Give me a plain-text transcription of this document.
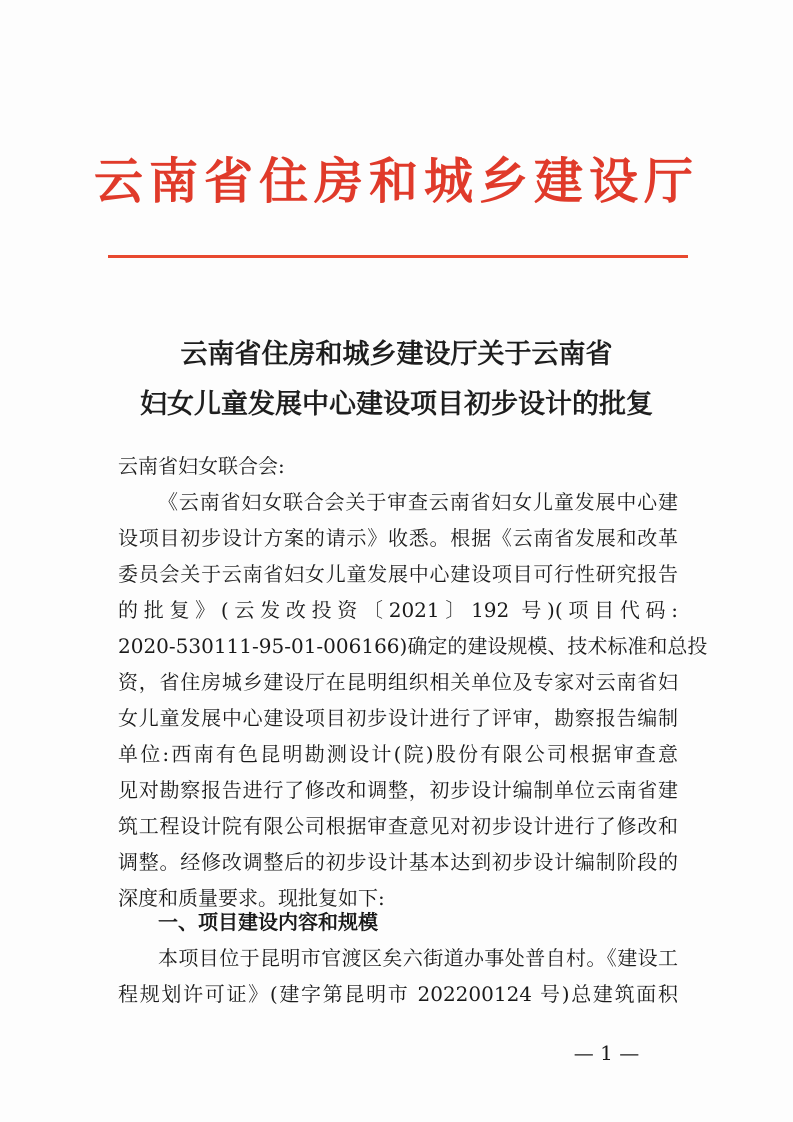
云南省住房和城乡建设厅
云南省住房和城乡建设厅关于云南省
妇女儿童发展中心建设项目初步设计的批复
云南省妇女联合会:
《云南省妇女联合会关于审查云南省妇女儿童发展中心建
设项目初步设计方案的请示》收悉。根据《云南省发展和改革
委员会关于云南省妇女儿童发展中心建设项目可行性研究报告
的批复》(云发改投资〔2021〕192 号)(项目代码:
2020-530111-95-01-006166)确定的建设规模、技术标准和总投
资，省住房城乡建设厅在昆明组织相关单位及专家对云南省妇
女儿童发展中心建设项目初步设计进行了评审，勘察报告编制
单位:西南有色昆明勘测设计(院)股份有限公司根据审查意
见对勘察报告进行了修改和调整，初步设计编制单位云南省建
筑工程设计院有限公司根据审查意见对初步设计进行了修改和
调整。经修改调整后的初步设计基本达到初步设计编制阶段的
深度和质量要求。现批复如下:
一、项目建设内容和规模
本项目位于昆明市官渡区矣六街道办事处普自村。《建设工
程规划许可证》(建字第昆明市 202200124 号)总建筑面积
— 1 —
